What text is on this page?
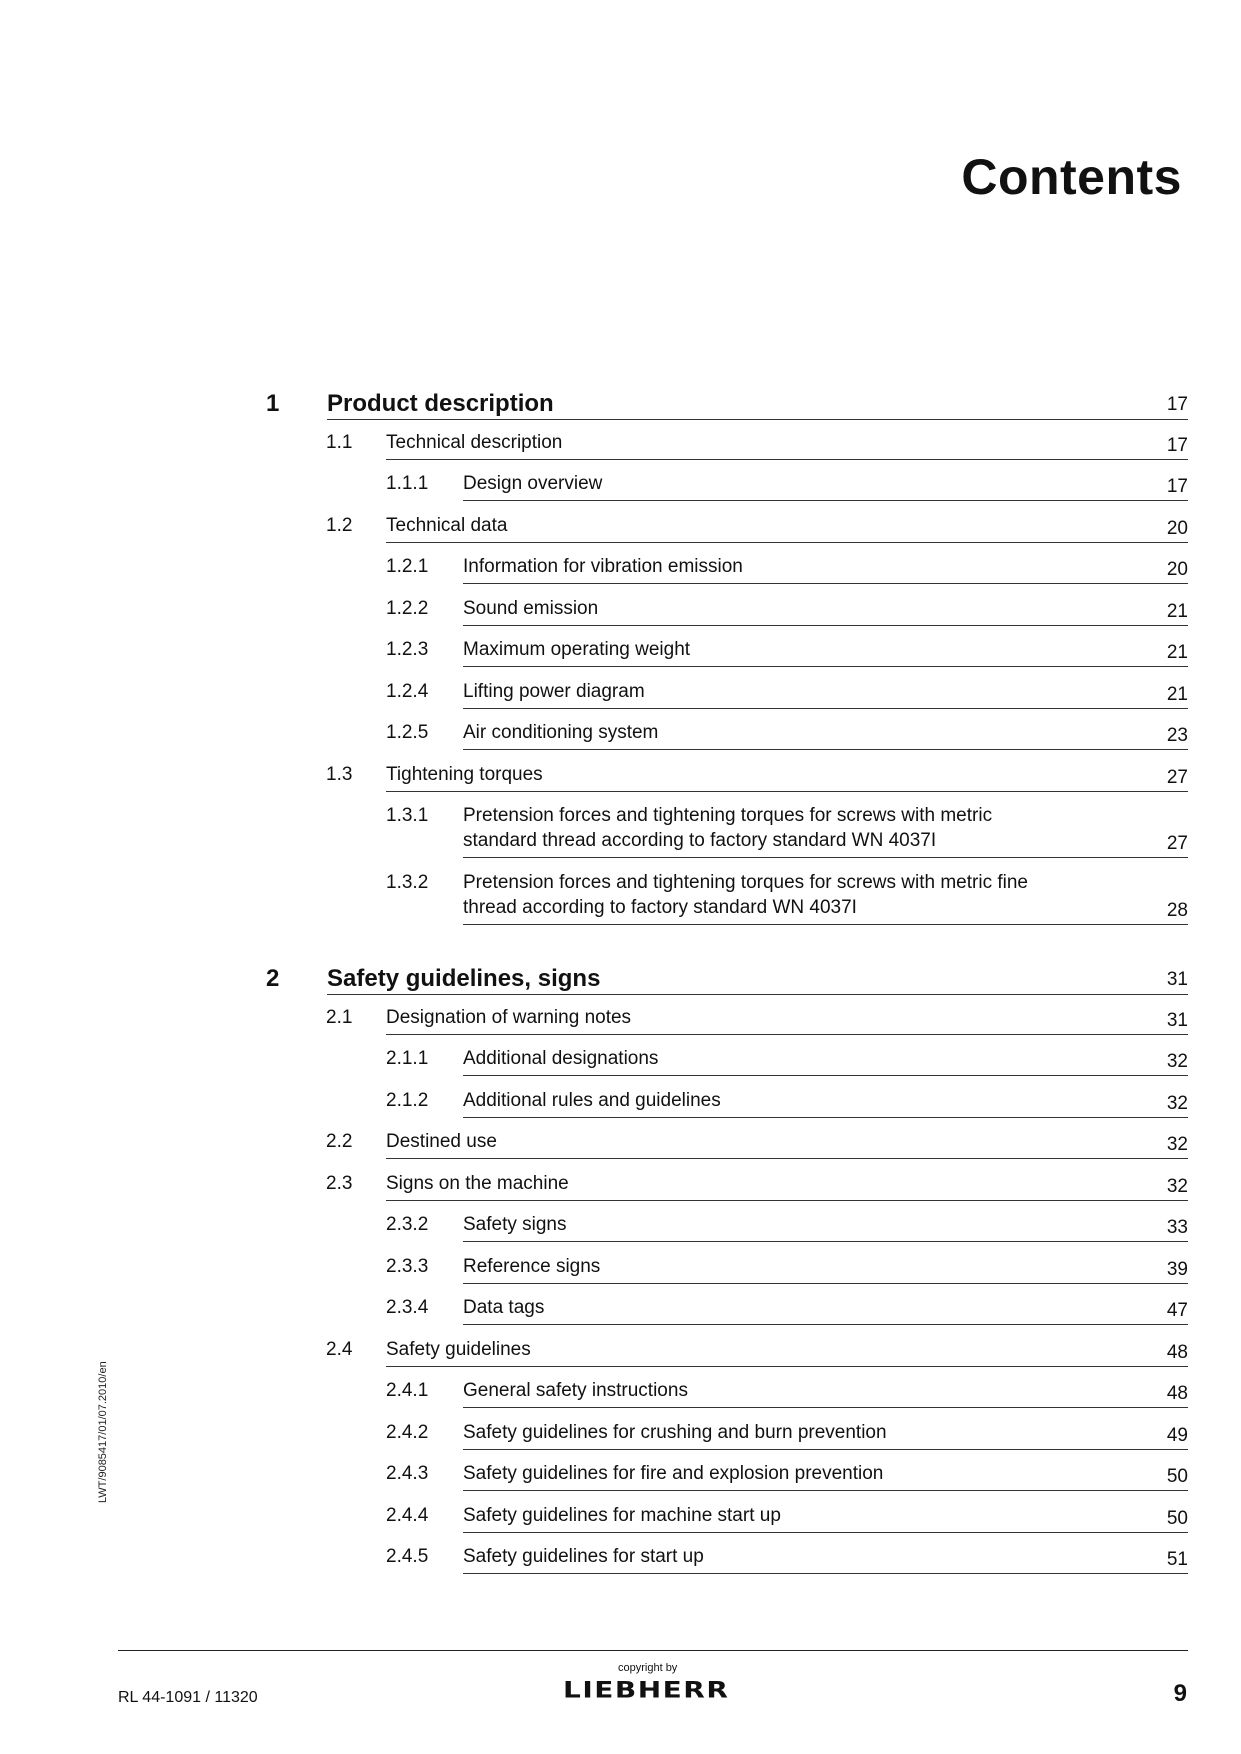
Contents
1 Product description	17
1.1 Technical description	17
1.1.1 Design overview	17
1.2 Technical data	20
1.2.1 Information for vibration emission	20
1.2.2 Sound emission	21
1.2.3 Maximum operating weight	21
1.2.4 Lifting power diagram	21
1.2.5 Air conditioning system	23
1.3 Tightening torques	27
1.3.1 Pretension forces and tightening torques for screws with metric
standard thread according to factory standard WN 4037I	27
1.3.2 Pretension forces and tightening torques for screws with metric fine
thread according to factory standard WN 4037I	28
2 Safety guidelines, signs	31
2.1 Designation of warning notes	31
2.1.1 Additional designations	32
2.1.2 Additional rules and guidelines	32
2.2 Destined use	32
2.3 Signs on the machine	32
2.3.2 Safety signs	33
2.3.3 Reference signs	39
2.3.4 Data tags	47
2.4 Safety guidelines	48
2.4.1 General safety instructions	48
2.4.2 Safety guidelines for crushing and burn prevention	49
2.4.3 Safety guidelines for fire and explosion prevention	50
2.4.4 Safety guidelines for machine start up	50
2.4.5 Safety guidelines for start up	51
LWT/9085417/01/07.2010/en
RL 44-1091 / 11320
copyright by
LIEBHERR	9
